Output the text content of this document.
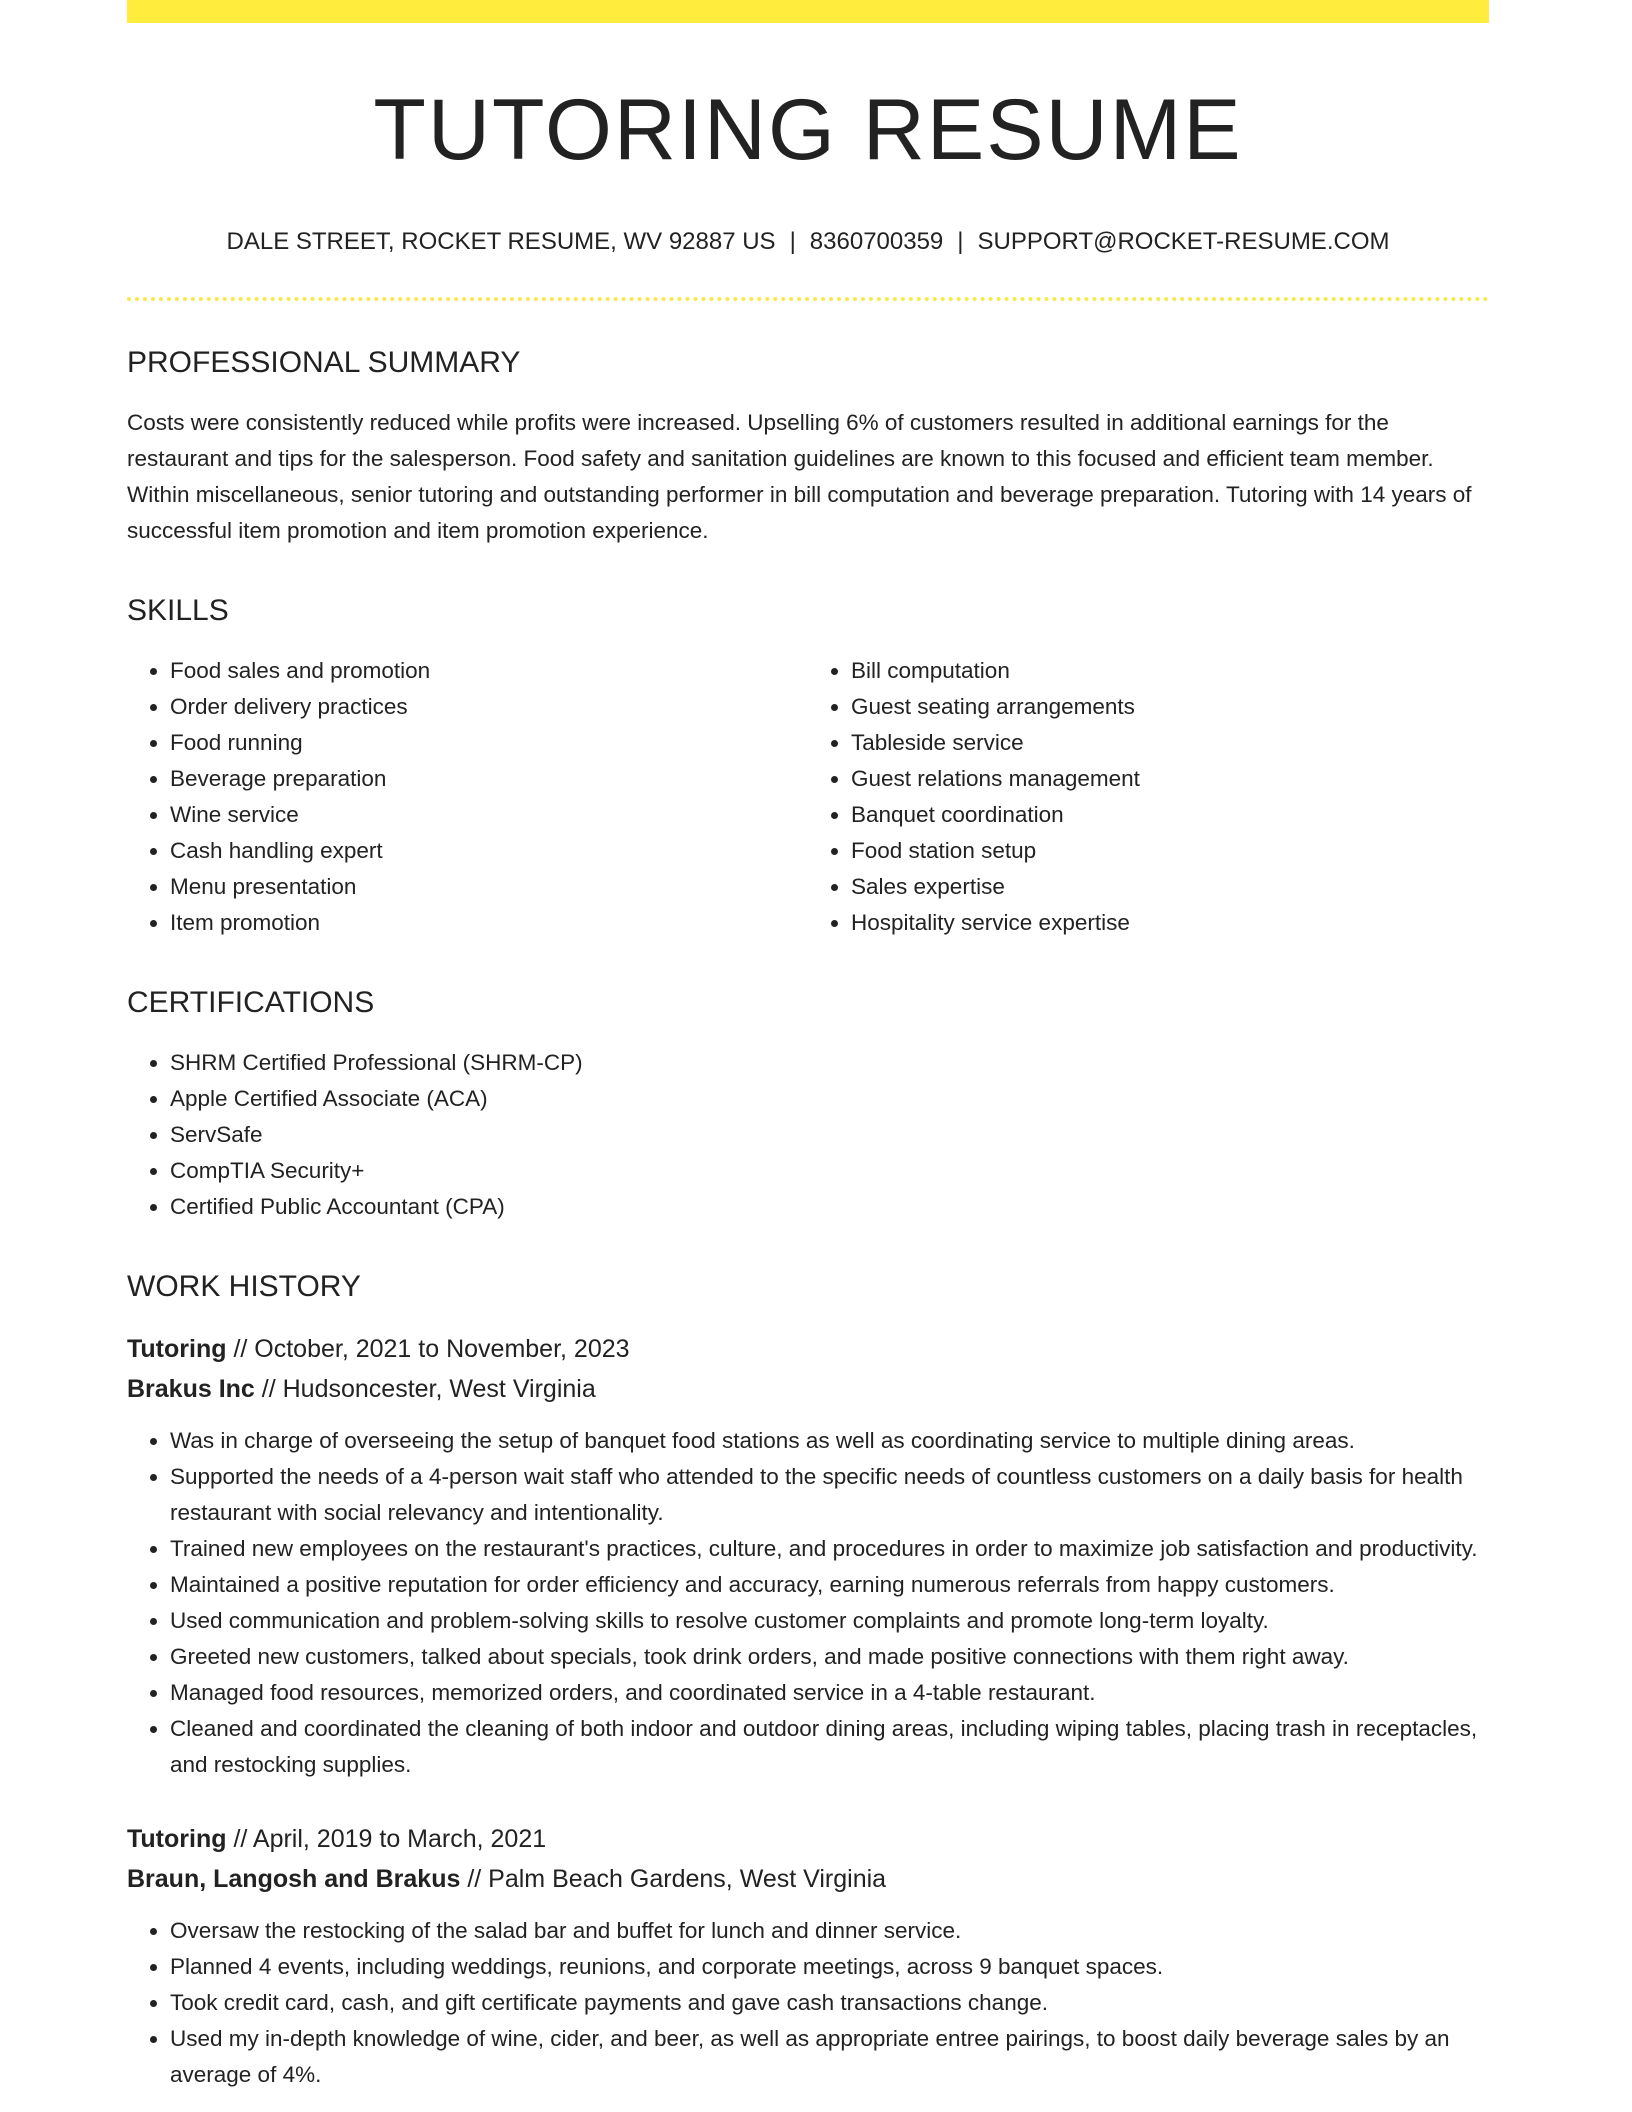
TUTORING RESUME
DALE STREET, ROCKET RESUME, WV 92887 US | 8360700359 | SUPPORT@ROCKET-RESUME.COM
PROFESSIONAL SUMMARY

Costs were consistently reduced while profits were increased. Upselling 6% of customers resulted in additional earnings for the restaurant and tips for the salesperson. Food safety and sanitation guidelines are known to this focused and efficient team member. Within miscellaneous, senior tutoring and outstanding performer in bill computation and beverage preparation. Tutoring with 14 years of successful item promotion and item promotion experience.

SKILLS
• Food sales and promotion
• Order delivery practices
• Food running
• Beverage preparation
• Wine service
• Cash handling expert
• Menu presentation
• Item promotion
• Bill computation
• Guest seating arrangements
• Tableside service
• Guest relations management
• Banquet coordination
• Food station setup
• Sales expertise
• Hospitality service expertise
CERTIFICATIONS
• SHRM Certified Professional (SHRM-CP)
• Apple Certified Associate (ACA)
• ServSafe
• CompTIA Security+
• Certified Public Accountant (CPA)
WORK HISTORY
Tutoring // October, 2021 to November, 2023
Brakus Inc // Hudsoncester, West Virginia
• Was in charge of overseeing the setup of banquet food stations as well as coordinating service to multiple dining areas.
• Supported the needs of a 4-person wait staff who attended to the specific needs of countless customers on a daily basis for health restaurant with social relevancy and intentionality.
• Trained new employees on the restaurant's practices, culture, and procedures in order to maximize job satisfaction and productivity.
• Maintained a positive reputation for order efficiency and accuracy, earning numerous referrals from happy customers.
• Used communication and problem-solving skills to resolve customer complaints and promote long-term loyalty.
• Greeted new customers, talked about specials, took drink orders, and made positive connections with them right away.
• Managed food resources, memorized orders, and coordinated service in a 4-table restaurant.
• Cleaned and coordinated the cleaning of both indoor and outdoor dining areas, including wiping tables, placing trash in receptacles, and restocking supplies.
Tutoring // April, 2019 to March, 2021
Braun, Langosh and Brakus // Palm Beach Gardens, West Virginia
• Oversaw the restocking of the salad bar and buffet for lunch and dinner service.
• Planned 4 events, including weddings, reunions, and corporate meetings, across 9 banquet spaces.
• Took credit card, cash, and gift certificate payments and gave cash transactions change.
• Used my in-depth knowledge of wine, cider, and beer, as well as appropriate entree pairings, to boost daily beverage sales by an average of 4%.
